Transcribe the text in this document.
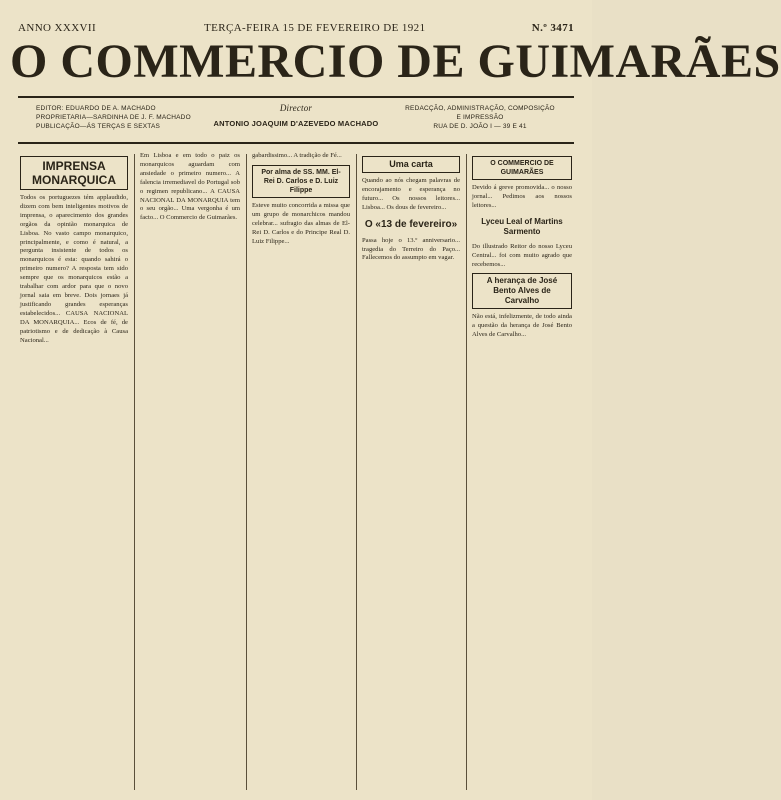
ANNO XXXVII	TERÇA-FEIRA 15 DE FEVEREIRO DE 1921	N.º 3471
O COMMERCIO DE GUIMARÃES
EDITOR: EDUARDO DE A. MACHADO
PROPRIETARIA—SARDINHA DE J. F. MACHADO
PUBLICAÇÃO—ÁS TERÇAS E SEXTAS
Director
ANTONIO JOAQUIM D'AZEVEDO MACHADO
REDACÇÃO, ADMINISTRAÇÃO, COMPOSIÇÃO
E IMPRESSÃO
RUA DE D. JOÃO I — 39 E 41
IMPRENSA MONARQUICA
Todos os portuguezes tém applaudido, dizem com bem inteligentes motivos de imprensa, o aparecimento dos grandes orgãos da opinião monarquica de Lisboa. No vasto campo monarquico, principalmente, e como é natural, a pergunta insistente de todos os monarquicos é esta: quando sahirá o primeiro numero? A resposta tem sido sempre que os monarquicos estão a trabalhar com ardor para que o novo jornal saia em breve. Dois jornaes já justificando grandes esperanças estabelecidos... CAUSA NACIONAL DA MONARQUIA... Ecos de fé, de patriotismo e de dedicação à Causa Nacional...
Em Lisboa e em todo o paiz os monarquicos aguardam com ansiedade o primeiro numero... A falencia irremediavel do Portugal sob o regimen republicano... A CAUSA NACIONAL DA MONARQUIA tem o seu orgão... Uma vergonha é um facto... O Commercio de Guimarães.
gabardissimo... A tradição de Fé...
Por alma de SS. MM. El-Rei D. Carlos e D. Luiz Filippe
Esteve muito concorrida a missa que um grupo de monarchicos mandou celebrar... sufragio das almas de El-Rei D. Carlos e do Principe Real D. Luiz Filippe...
Uma carta
Quando ao nós chegam palavras de encorajamento e esperança no futuro... Os nossos leitores... Lisboa... Os dous de fevereiro...
O «13 de fevereiro»
Passa hoje o 13.º anniversario... tragedia do Terreiro do Paço... Fallecemos do assumpto em vagar.
O COMMERCIO DE GUIMARÃES
Devido á greve promovida... o nosso jornal... Pedimos aos nossos leitores...
Lyceu Leal of Martins Sarmento
Do illustrado Reitor do nosso Lyceu Central... foi com muito agrado que recebemos...
A herança de José Bento Alves de Carvalho
Não está, infelizmente, de todo ainda a questão da herança de José Bento Alves de Carvalho...
